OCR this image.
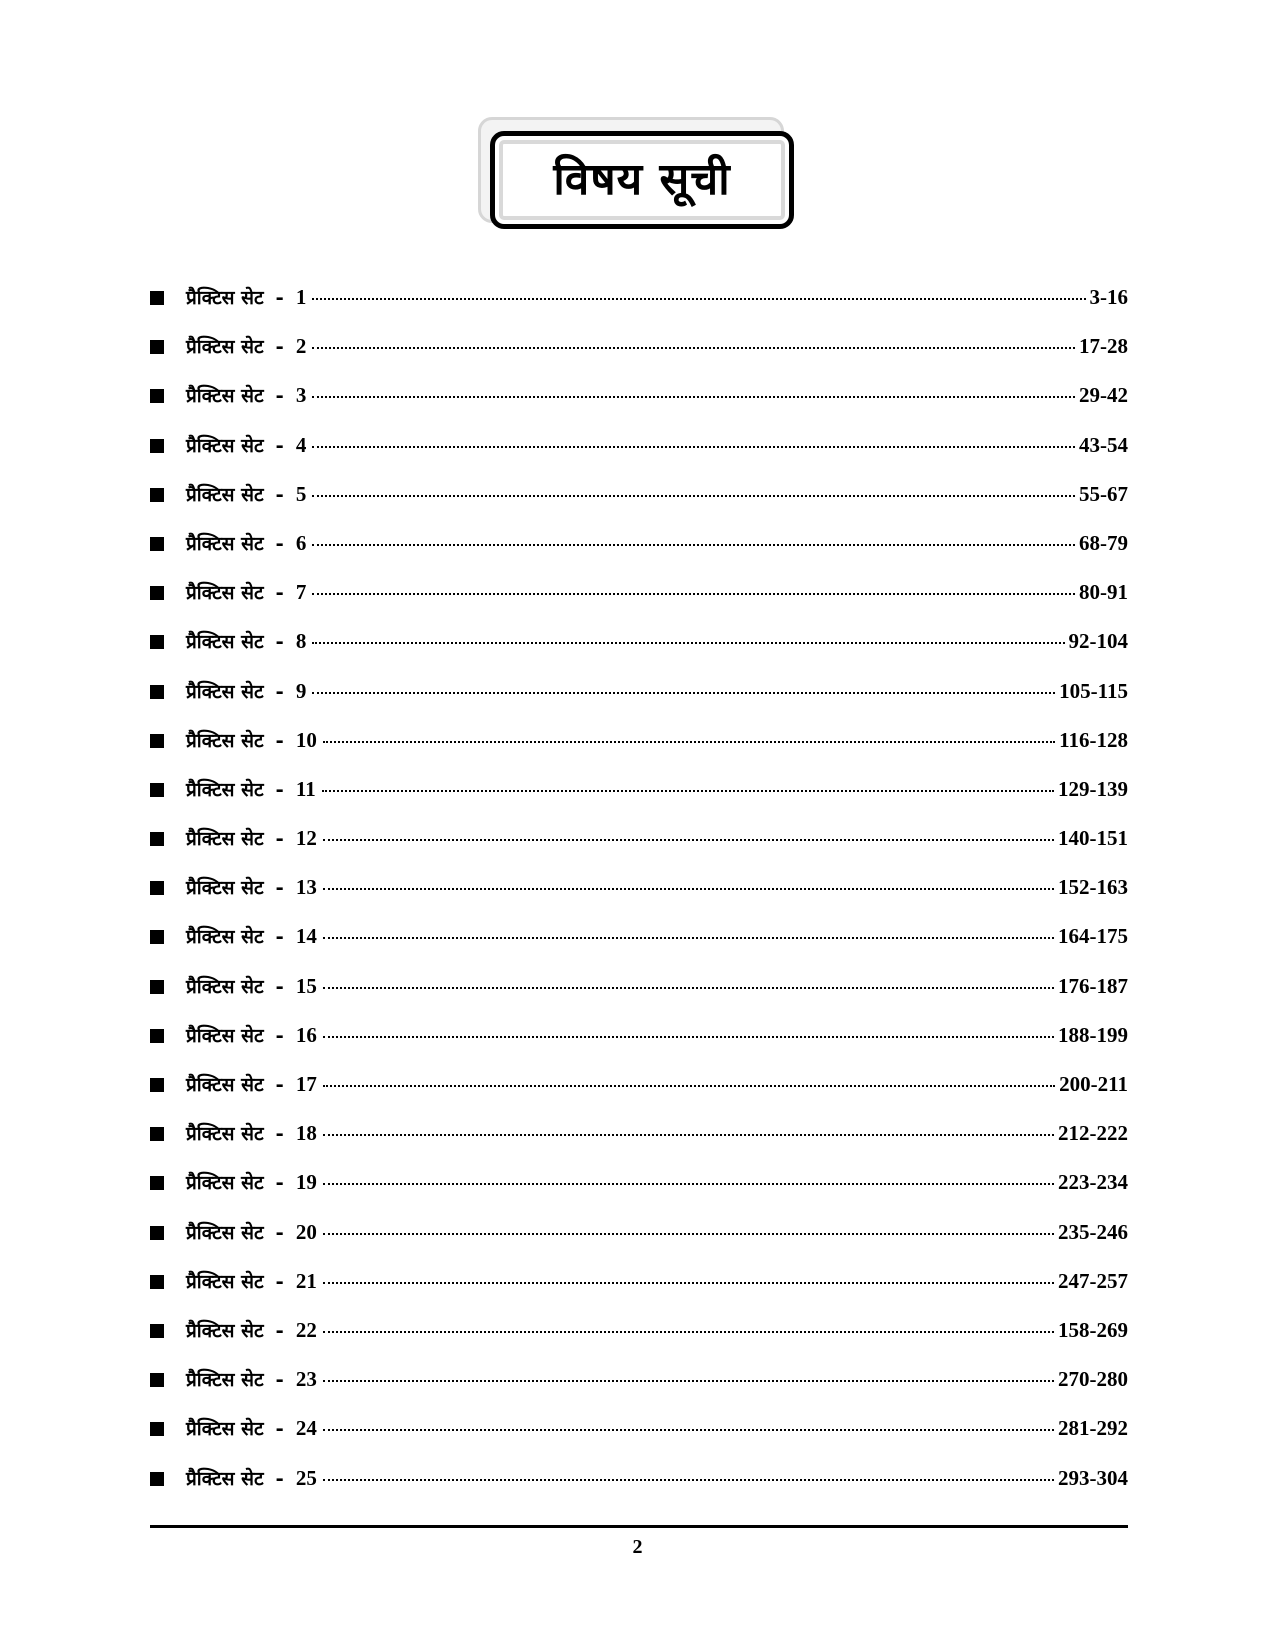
विषय सूची
प्रैक्टिस सेट - 1	3-16
प्रैक्टिस सेट - 2	17-28
प्रैक्टिस सेट - 3	29-42
प्रैक्टिस सेट - 4	43-54
प्रैक्टिस सेट - 5	55-67
प्रैक्टिस सेट - 6	68-79
प्रैक्टिस सेट - 7	80-91
प्रैक्टिस सेट - 8	92-104
प्रैक्टिस सेट - 9	105-115
प्रैक्टिस सेट - 10	116-128
प्रैक्टिस सेट - 11	129-139
प्रैक्टिस सेट - 12	140-151
प्रैक्टिस सेट - 13	152-163
प्रैक्टिस सेट - 14	164-175
प्रैक्टिस सेट - 15	176-187
प्रैक्टिस सेट - 16	188-199
प्रैक्टिस सेट - 17	200-211
प्रैक्टिस सेट - 18	212-222
प्रैक्टिस सेट - 19	223-234
प्रैक्टिस सेट - 20	235-246
प्रैक्टिस सेट - 21	247-257
प्रैक्टिस सेट - 22	158-269
प्रैक्टिस सेट - 23	270-280
प्रैक्टिस सेट - 24	281-292
प्रैक्टिस सेट - 25	293-304
2
